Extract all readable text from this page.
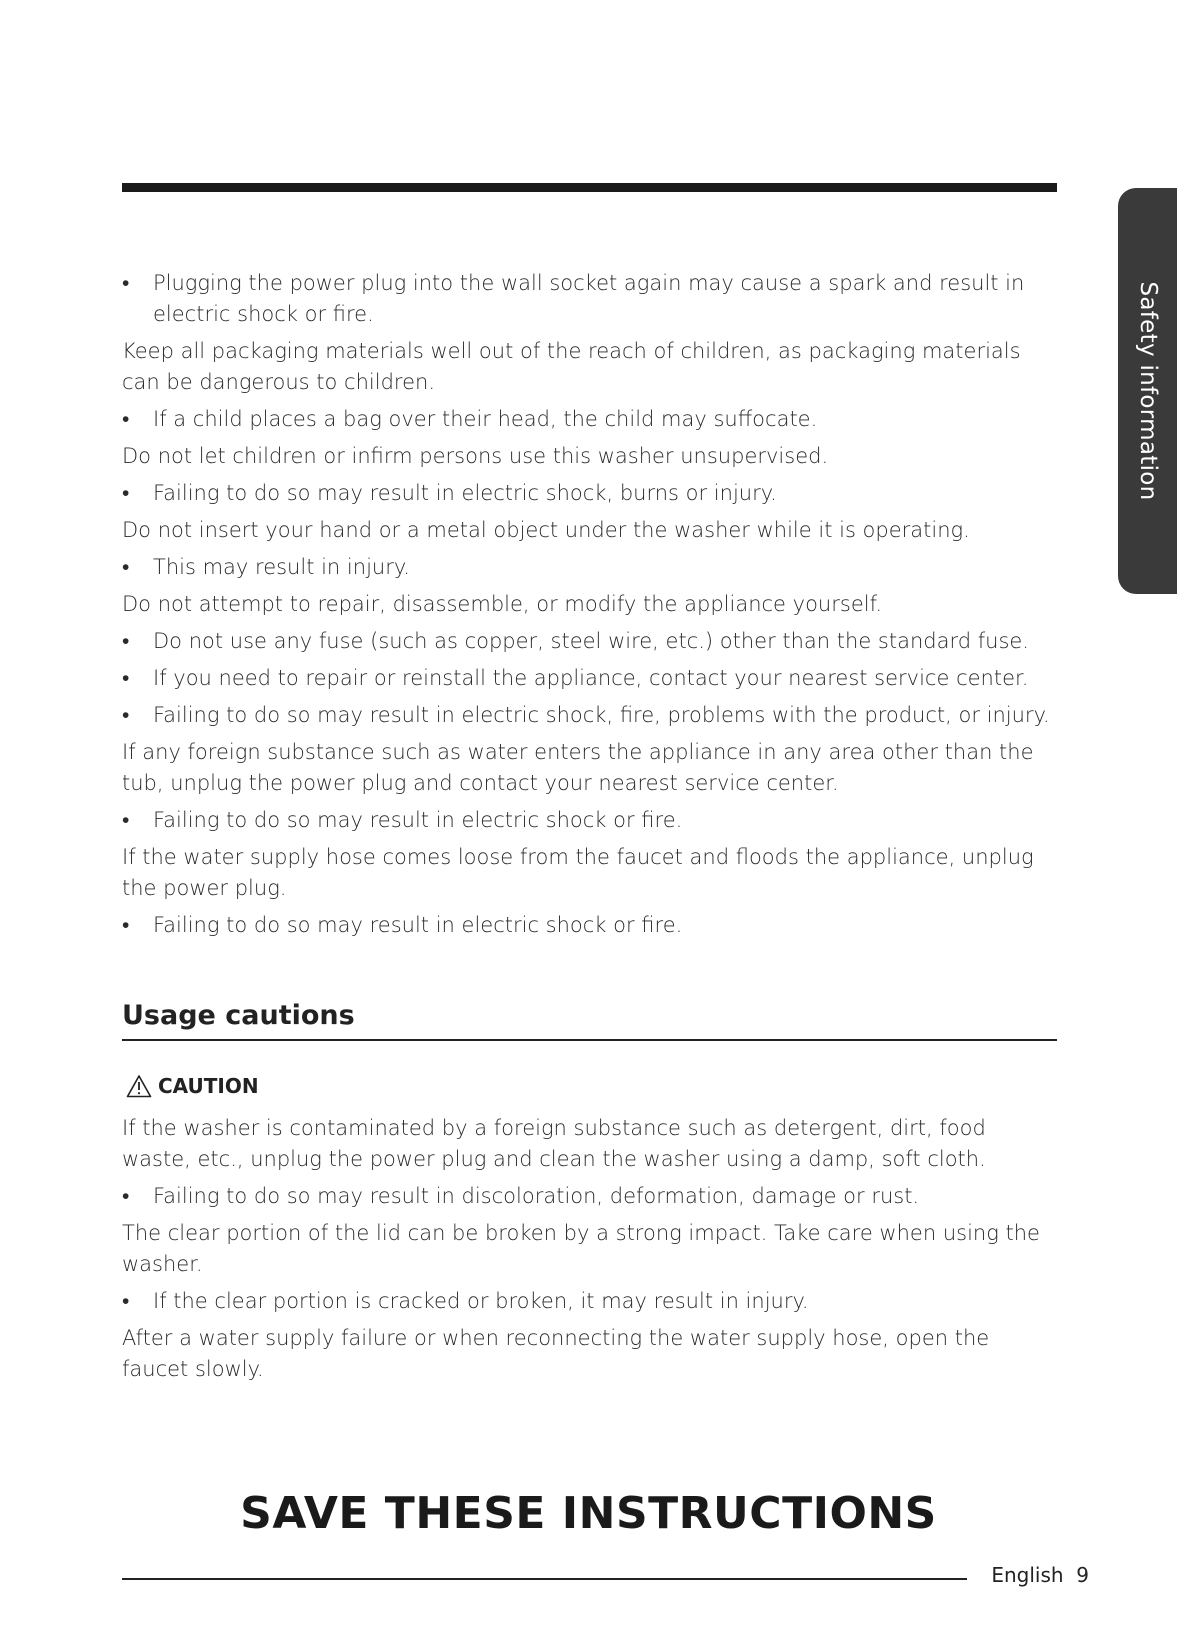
Safety information
•	Plugging the power plug into the wall socket again may cause a spark and result in electric shock or fire.
Keep all packaging materials well out of the reach of children, as packaging materials can be dangerous to children.
•	If a child places a bag over their head, the child may suffocate.
Do not let children or infirm persons use this washer unsupervised.
•	Failing to do so may result in electric shock, burns or injury.
Do not insert your hand or a metal object under the washer while it is operating.
•	This may result in injury.
Do not attempt to repair, disassemble, or modify the appliance yourself.
•	Do not use any fuse (such as copper, steel wire, etc.) other than the standard fuse.
•	If you need to repair or reinstall the appliance, contact your nearest service center.
•	Failing to do so may result in electric shock, fire, problems with the product, or injury.
If any foreign substance such as water enters the appliance in any area other than the tub, unplug the power plug and contact your nearest service center.
•	Failing to do so may result in electric shock or fire.
If the water supply hose comes loose from the faucet and floods the appliance, unplug the power plug.
•	Failing to do so may result in electric shock or fire.
Usage cautions
CAUTION
If the washer is contaminated by a foreign substance such as detergent, dirt, food waste, etc., unplug the power plug and clean the washer using a damp, soft cloth.
•	Failing to do so may result in discoloration, deformation, damage or rust.
The clear portion of the lid can be broken by a strong impact. Take care when using the washer.
•	If the clear portion is cracked or broken, it may result in injury.
After a water supply failure or when reconnecting the water supply hose, open the faucet slowly.
SAVE THESE INSTRUCTIONS
English 9
